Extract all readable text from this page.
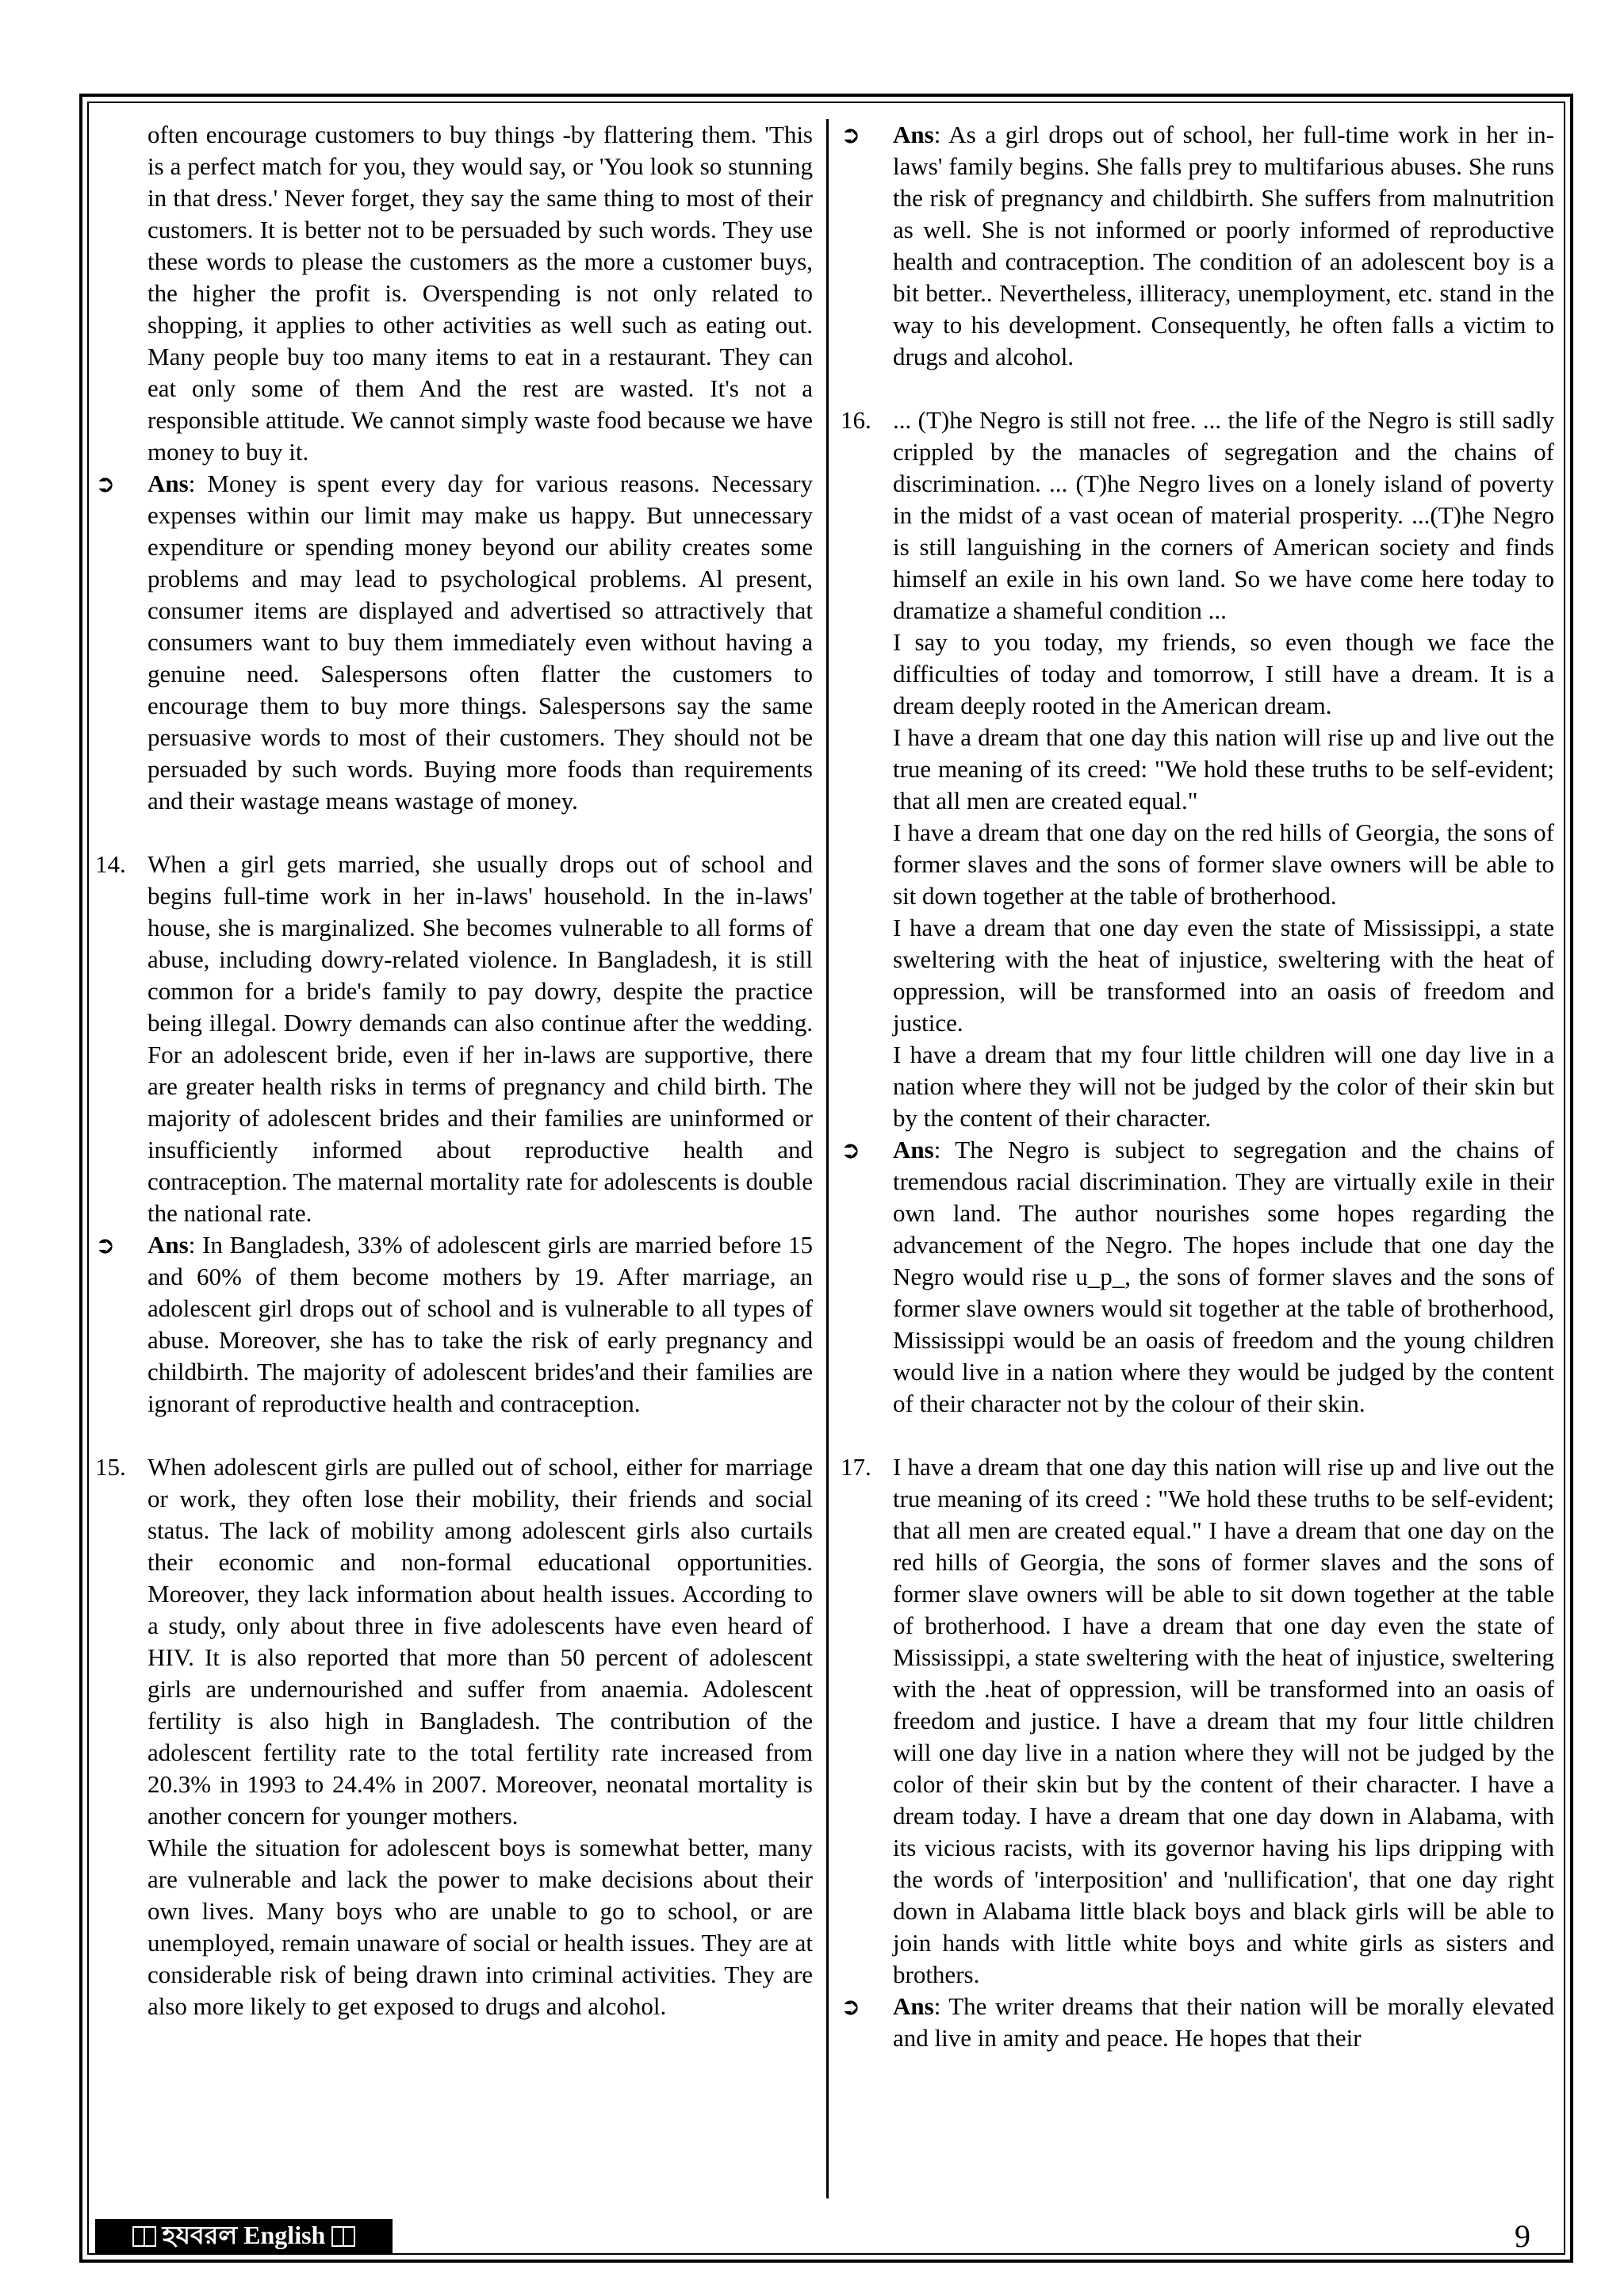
often encourage customers to buy things -by flattering them. 'This is a perfect match for you, they would say, or 'You look so stunning in that dress.' Never forget, they say the same thing to most of their customers. It is better not to be persuaded by such words. They use these words to please the customers as the more a customer buys, the higher the profit is. Overspending is not only related to shopping, it applies to other activities as well such as eating out. Many people buy too many items to eat in a restaurant. They can eat only some of them And the rest are wasted. It's not a responsible attitude. We cannot simply waste food because we have money to buy it.

➲	Ans: Money is spent every day for various reasons. Necessary expenses within our limit may make us happy. But unnecessary expenditure or spending money beyond our ability creates some problems and may lead to psychological problems. Al present, consumer items are displayed and advertised so attractively that consumers want to buy them immediately even without having a genuine need. Salespersons often flatter the customers to encourage them to buy more things. Salespersons say the same persuasive words to most of their customers. They should not be persuaded by such words. Buying more foods than requirements and their wastage means wastage of money.
14. When a girl gets married, she usually drops out of school and begins full-time work in her in-laws' household. In the in-laws' house, she is marginalized. She becomes vulnerable to all forms of abuse, including dowry-related violence. In Bangladesh, it is still common for a bride's family to pay dowry, despite the practice being illegal. Dowry demands can also continue after the wedding. For an adolescent bride, even if her in-laws are supportive, there are greater health risks in terms of pregnancy and child birth. The majority of adolescent brides and their families are uninformed or insufficiently informed about reproductive health and contraception. The maternal mortality rate for adolescents is double the national rate.
➲	Ans: In Bangladesh, 33% of adolescent girls are married before 15 and 60% of them become mothers by 19. After marriage, an adolescent girl drops out of school and is vulnerable to all types of abuse. Moreover, she has to take the risk of early pregnancy and childbirth. The majority of adolescent brides'and their families are ignorant of reproductive health and contraception.
15. When adolescent girls are pulled out of school, either for marriage or work, they often lose their mobility, their friends and social status. The lack of mobility among adolescent girls also curtails their economic and non-formal educational opportunities. Moreover, they lack information about health issues. According to a study, only about three in five adolescents have even heard of HIV. It is also reported that more than 50 percent of adolescent girls are undernourished and suffer from anaemia. Adolescent fertility is also high in Bangladesh. The contribution of the adolescent fertility rate to the total fertility rate increased from 20.3% in 1993 to 24.4% in 2007. Moreover, neonatal mortality is another concern for younger mothers.

While the situation for adolescent boys is somewhat better, many are vulnerable and lack the power to make decisions about their own lives. Many boys who are unable to go to school, or are unemployed, remain unaware of social or health issues. They are at considerable risk of being drawn into criminal activities. They are also more likely to get exposed to drugs and alcohol.

➲	Ans: As a girl drops out of school, her full-time work in her in-laws' family begins. She falls prey to multifarious abuses. She runs the risk of pregnancy and childbirth. She suffers from malnutrition as well. She is not informed or poorly informed of reproductive health and contraception. The condition of an adolescent boy is a bit better.. Nevertheless, illiteracy, unemployment, etc. stand in the way to his development. Consequently, he often falls a victim to drugs and alcohol.
16. ... (T)he Negro is still not free. ... the life of the Negro is still sadly crippled by the manacles of segregation and the chains of discrimination. ... (T)he Negro lives on a lonely island of poverty in the midst of a vast ocean of material prosperity. ...(T)he Negro is still languishing in the corners of American society and finds himself an exile in his own land. So we have come here today to dramatize a shameful condition ...

I say to you today, my friends, so even though we face the difficulties of today and tomorrow, I still have a dream. It is a dream deeply rooted in the American dream.

I have a dream that one day this nation will rise up and live out the true meaning of its creed: "We hold these truths to be self-evident; that all men are created equal."

I have a dream that one day on the red hills of Georgia, the sons of former slaves and the sons of former slave owners will be able to sit down together at the table of brotherhood.

I have a dream that one day even the state of Mississippi, a state sweltering with the heat of injustice, sweltering with the heat of oppression, will be transformed into an oasis of freedom and justice.

I have a dream that my four little children will one day live in a nation where they will not be judged by the color of their skin but by the content of their character.

➲	Ans: The Negro is subject to segregation and the chains of tremendous racial discrimination. They are virtually exile in their own land. The author nourishes some hopes regarding the advancement of the Negro. The hopes include that one day the Negro would rise u_p_, the sons of former slaves and the sons of former slave owners would sit together at the table of brotherhood, Mississippi would be an oasis of freedom and the young children would live in a nation where they would be judged by the content of their character not by the colour of their skin.
17. I have a dream that one day this nation will rise up and live out the true meaning of its creed : "We hold these truths to be self-evident; that all men are created equal." I have a dream that one day on the red hills of Georgia, the sons of former slaves and the sons of former slave owners will be able to sit down together at the table of brotherhood. I have a dream that one day even the state of Mississippi, a state sweltering with the heat of injustice, sweltering with the .heat of oppression, will be transformed into an oasis of freedom and justice. I have a dream that my four little children will one day live in a nation where they will not be judged by the color of their skin but by the content of their character. I have a dream today. I have a dream that one day down in Alabama, with its vicious racists, with its governor having his lips dripping with the words of 'interposition' and 'nullification', that one day right down in Alabama little black boys and black girls will be able to join hands with little white boys and white girls as sisters and brothers.
➲	Ans: The writer dreams that their nation will be morally elevated and live in amity and peace. He hopes that their
হযবরল English	9
